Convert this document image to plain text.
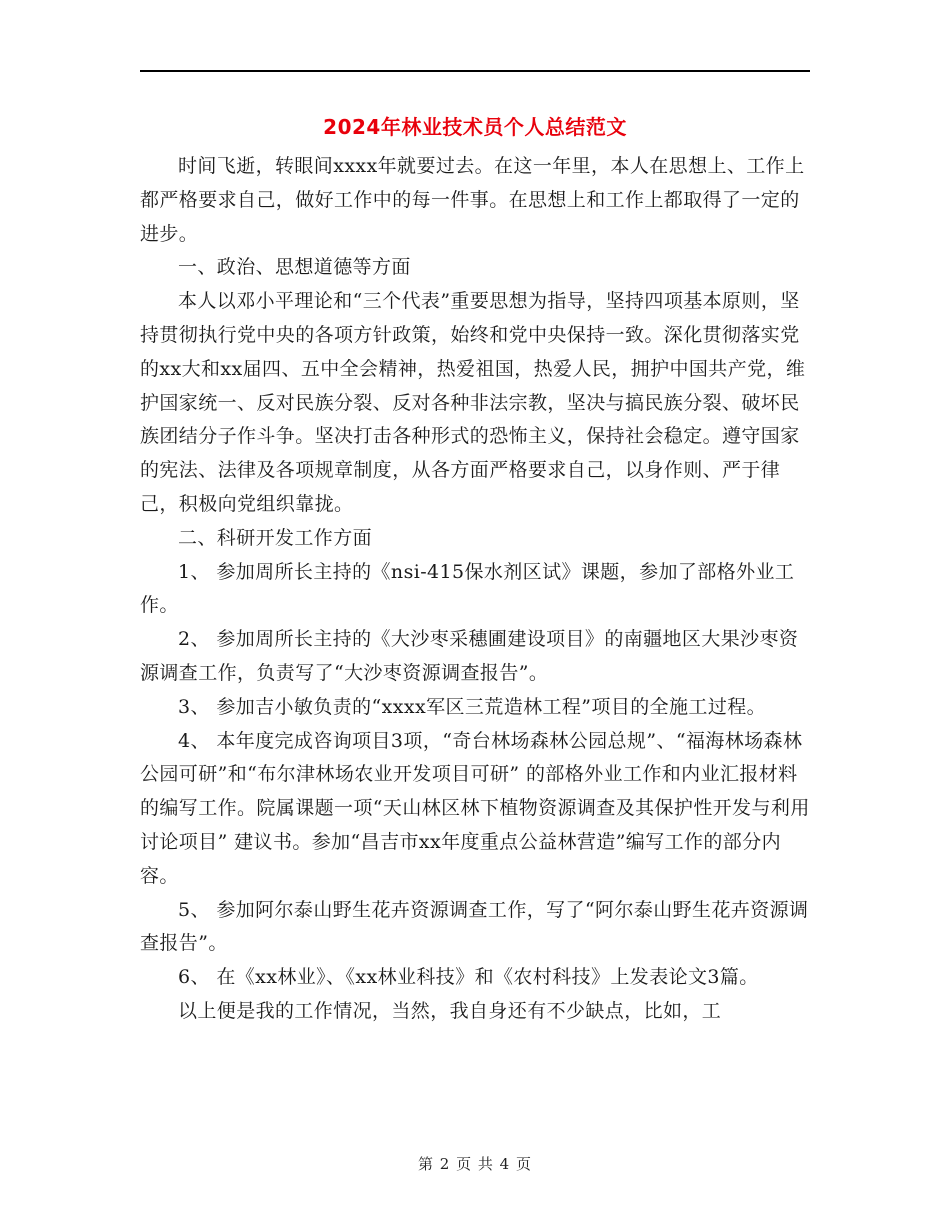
2024年林业技术员个人总结范文

时间飞逝，转眼间xxxx年就要过去。在这一年里，本人在思想上、工作上都严格要求自己，做好工作中的每一件事。在思想上和工作上都取得了一定的进步。

一、政治、思想道德等方面

本人以邓小平理论和“三个代表”重要思想为指导，坚持四项基本原则，坚持贯彻执行党中央的各项方针政策，始终和党中央保持一致。深化贯彻落实党的xx大和xx届四、五中全会精神，热爱祖国，热爱人民，拥护中国共产党，维护国家统一、反对民族分裂、反对各种非法宗教，坚决与搞民族分裂、破坏民族团结分子作斗争。坚决打击各种形式的恐怖主义，保持社会稳定。遵守国家的宪法、法律及各项规章制度，从各方面严格要求自己，以身作则、严于律己，积极向党组织靠拢。

二、科研开发工作方面

1、 参加周所长主持的《nsi-415保水剂区试》课题，参加了部格外业工作。

2、 参加周所长主持的《大沙枣采穗圃建设项目》的南疆地区大果沙枣资源调查工作，负责写了“大沙枣资源调查报告”。

3、 参加吉小敏负责的“xxxx军区三荒造林工程”项目的全施工过程。

4、 本年度完成咨询项目3项，“奇台林场森林公园总规”、“福海林场森林公园可研”和“布尔津林场农业开发项目可研” 的部格外业工作和内业汇报材料的编写工作。院属课题一项“天山林区林下植物资源调查及其保护性开发与利用讨论项目” 建议书。参加“昌吉市xx年度重点公益林营造”编写工作的部分内容。

5、 参加阿尔泰山野生花卉资源调查工作，写了“阿尔泰山野生花卉资源调查报告”。

6、 在《xx林业》、《xx林业科技》和《农村科技》上发表论文3篇。

以上便是我的工作情况，当然，我自身还有不少缺点，比如，工

第 2 页 共 4 页
